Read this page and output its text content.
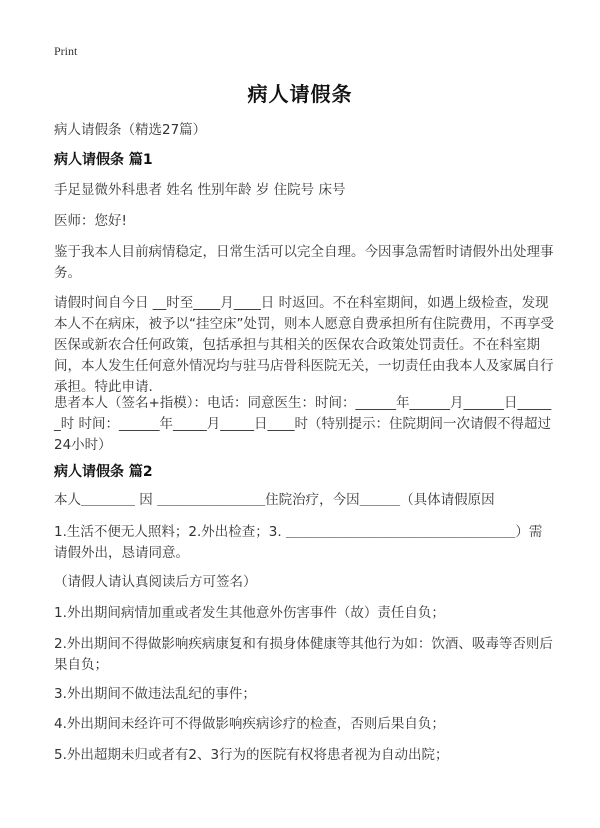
Print
病人请假条
病人请假条（精选27篇）
病人请假条 篇1
手足显微外科患者 姓名 性别年龄 岁 住院号 床号
医师：您好!
鉴于我本人目前病情稳定，日常生活可以完全自理。今因事急需暂时请假外出处理事务。
请假时间自今日 __时至____月____日 时返回。不在科室期间，如遇上级检查，发现本人不在病床，被予以“挂空床”处罚，则本人愿意自费承担所有住院费用，不再享受医保或新农合任何政策，包括承担与其相关的医保农合政策处罚责任。不在科室期间，本人发生任何意外情况均与驻马店骨科医院无关，一切责任由我本人及家属自行承担。特此申请.
患者本人（签名+指模）：电话：同意医生：时间：______年______月______日______时 时间：______年_____月_____日____时（特别提示：住院期间一次请假不得超过24小时）
病人请假条 篇2
本人＿＿＿＿ 因 ＿＿＿＿＿＿＿＿住院治疗，今因＿＿＿（具体请假原因
1.生活不便无人照料；2.外出检查；3. ＿＿＿＿＿＿＿＿＿＿＿＿＿＿＿＿＿）需请假外出，恳请同意。
（请假人请认真阅读后方可签名）
1.外出期间病情加重或者发生其他意外伤害事件（故）责任自负；
2.外出期间不得做影响疾病康复和有损身体健康等其他行为如：饮酒、吸毒等否则后果自负；
3.外出期间不做违法乱纪的事件；
4.外出期间未经许可不得做影响疾病诊疗的检查，否则后果自负；
5.外出超期未归或者有2、3行为的医院有权将患者视为自动出院；
